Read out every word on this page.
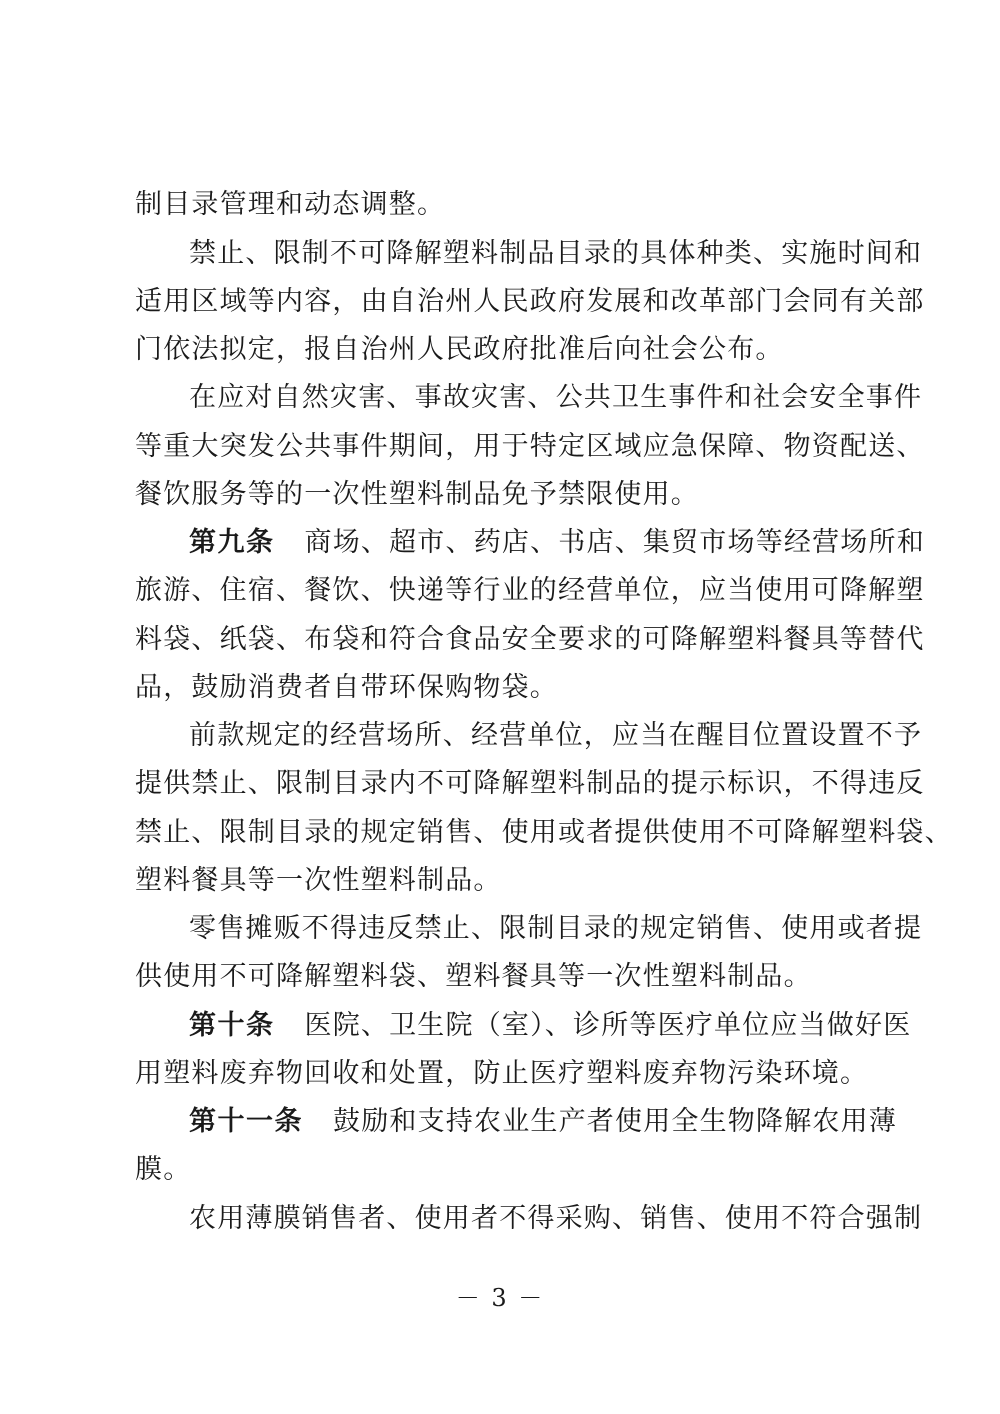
制目录管理和动态调整。
禁止、限制不可降解塑料制品目录的具体种类、实施时间和
适用区域等内容，由自治州人民政府发展和改革部门会同有关部
门依法拟定，报自治州人民政府批准后向社会公布。
在应对自然灾害、事故灾害、公共卫生事件和社会安全事件
等重大突发公共事件期间，用于特定区域应急保障、物资配送、
餐饮服务等的一次性塑料制品免予禁限使用。
第九条 商场、超市、药店、书店、集贸市场等经营场所和
旅游、住宿、餐饮、快递等行业的经营单位，应当使用可降解塑
料袋、纸袋、布袋和符合食品安全要求的可降解塑料餐具等替代
品，鼓励消费者自带环保购物袋。
前款规定的经营场所、经营单位，应当在醒目位置设置不予
提供禁止、限制目录内不可降解塑料制品的提示标识，不得违反
禁止、限制目录的规定销售、使用或者提供使用不可降解塑料袋、
塑料餐具等一次性塑料制品。
零售摊贩不得违反禁止、限制目录的规定销售、使用或者提
供使用不可降解塑料袋、塑料餐具等一次性塑料制品。
第十条 医院、卫生院（室）、诊所等医疗单位应当做好医
用塑料废弃物回收和处置，防止医疗塑料废弃物污染环境。
第十一条 鼓励和支持农业生产者使用全生物降解农用薄
膜。
农用薄膜销售者、使用者不得采购、销售、使用不符合强制
－ 3 －
